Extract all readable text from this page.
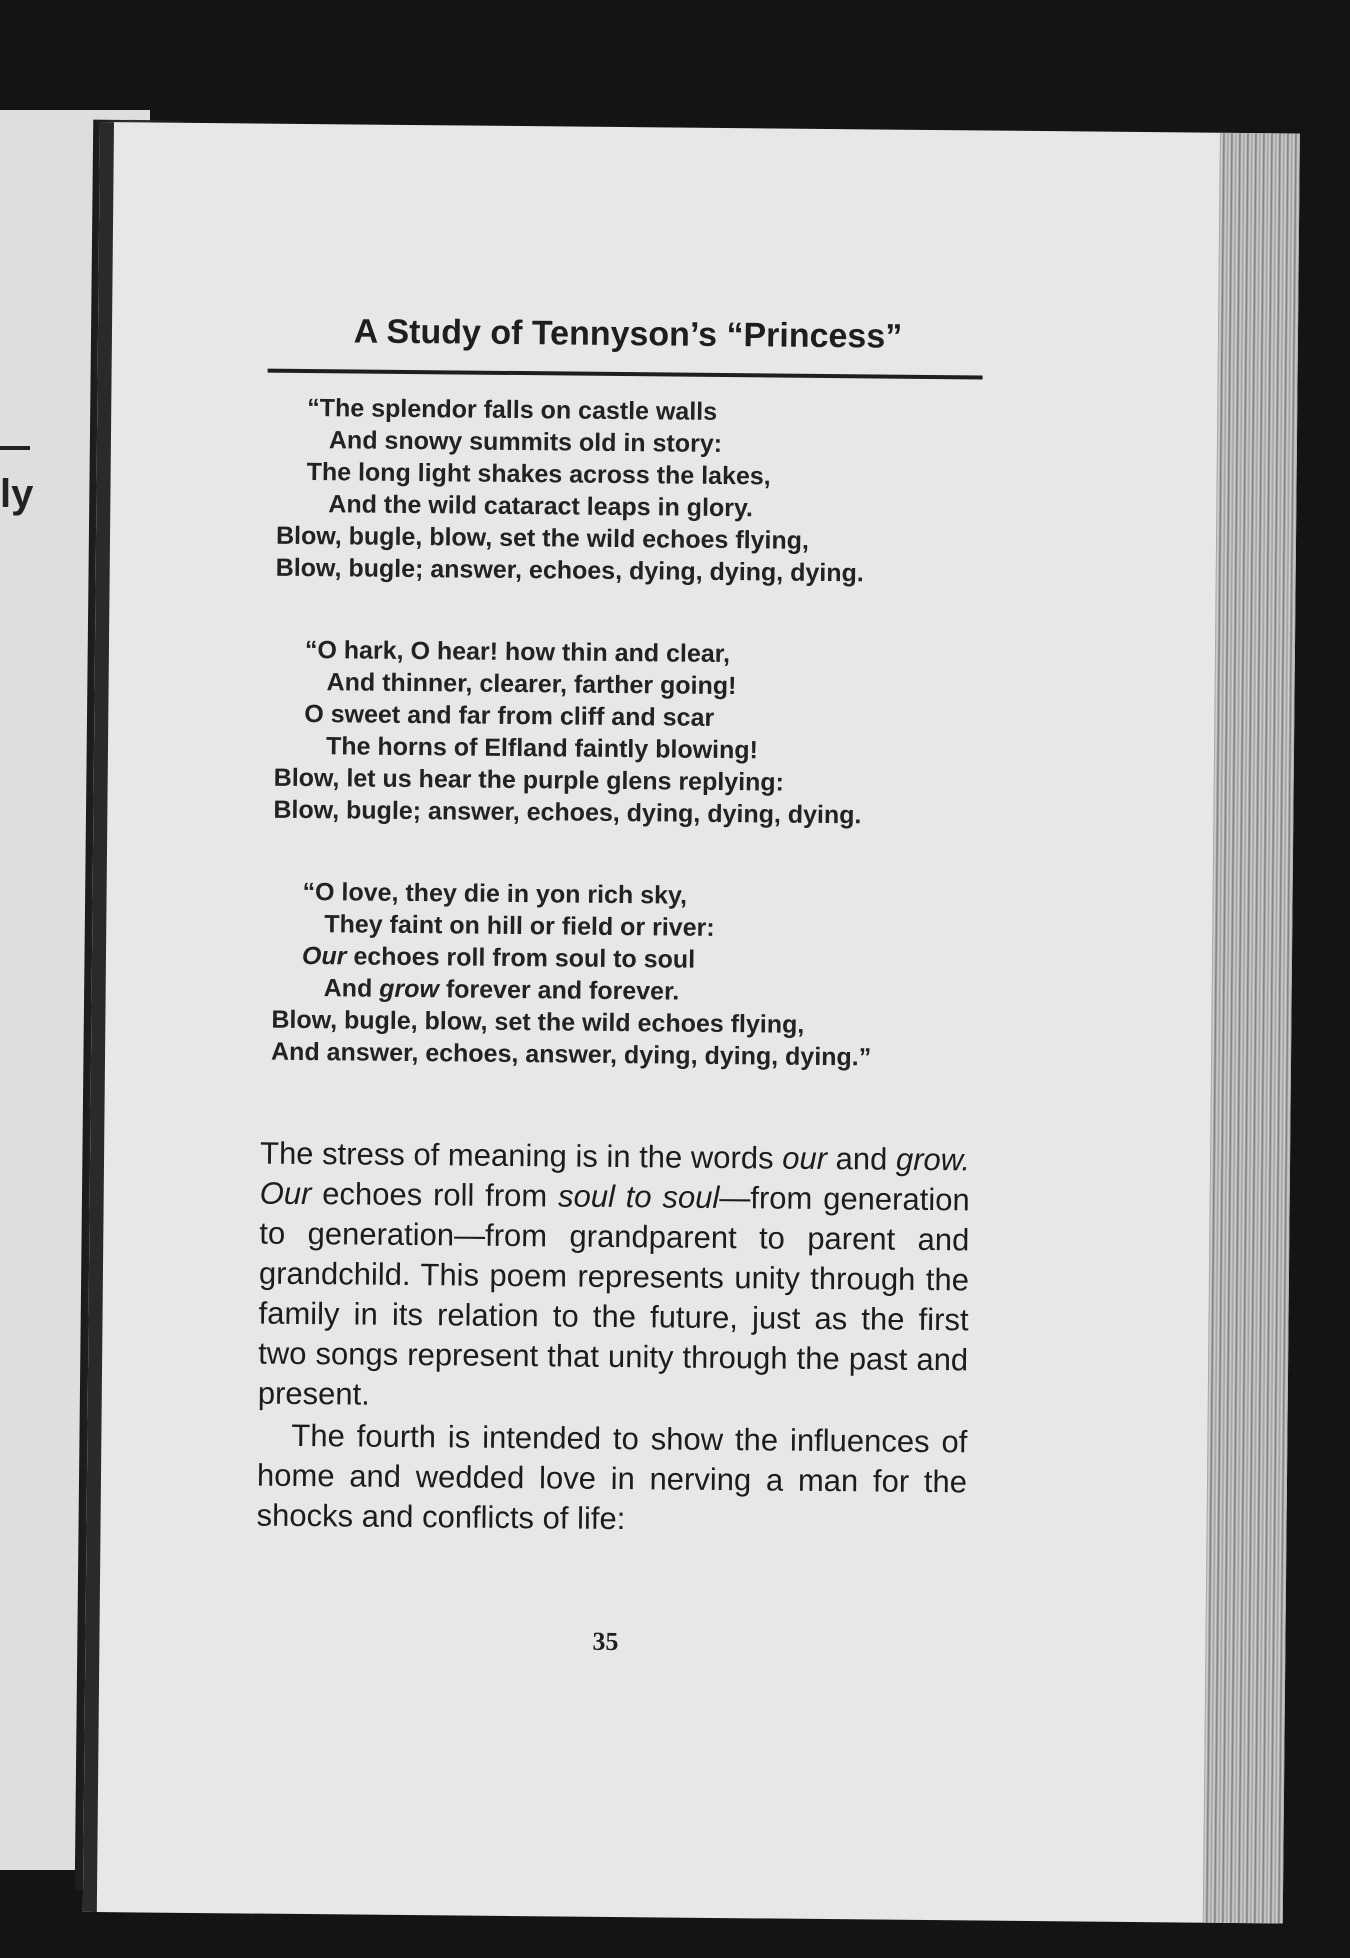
ly
A Study of Tennyson’s “Princess”
“The splendor falls on castle walls
And snowy summits old in story:
The long light shakes across the lakes,
And the wild cataract leaps in glory.
Blow, bugle, blow, set the wild echoes flying,
Blow, bugle; answer, echoes, dying, dying, dying.
“O hark, O hear! how thin and clear,
And thinner, clearer, farther going!
O sweet and far from cliff and scar
The horns of Elfland faintly blowing!
Blow, let us hear the purple glens replying:
Blow, bugle; answer, echoes, dying, dying, dying.
“O love, they die in yon rich sky,
They faint on hill or field or river:
Our echoes roll from soul to soul
And grow forever and forever.
Blow, bugle, blow, set the wild echoes flying,
And answer, echoes, answer, dying, dying, dying.”

The stress of meaning is in the words our and grow. Our echoes roll from soul to soul—from generation to generation—from grandparent to parent and grandchild. This poem represents unity through the family in its relation to the future, just as the first two songs represent that unity through the past and present.

The fourth is intended to show the influences of home and wedded love in nerving a man for the shocks and conflicts of life:

35
